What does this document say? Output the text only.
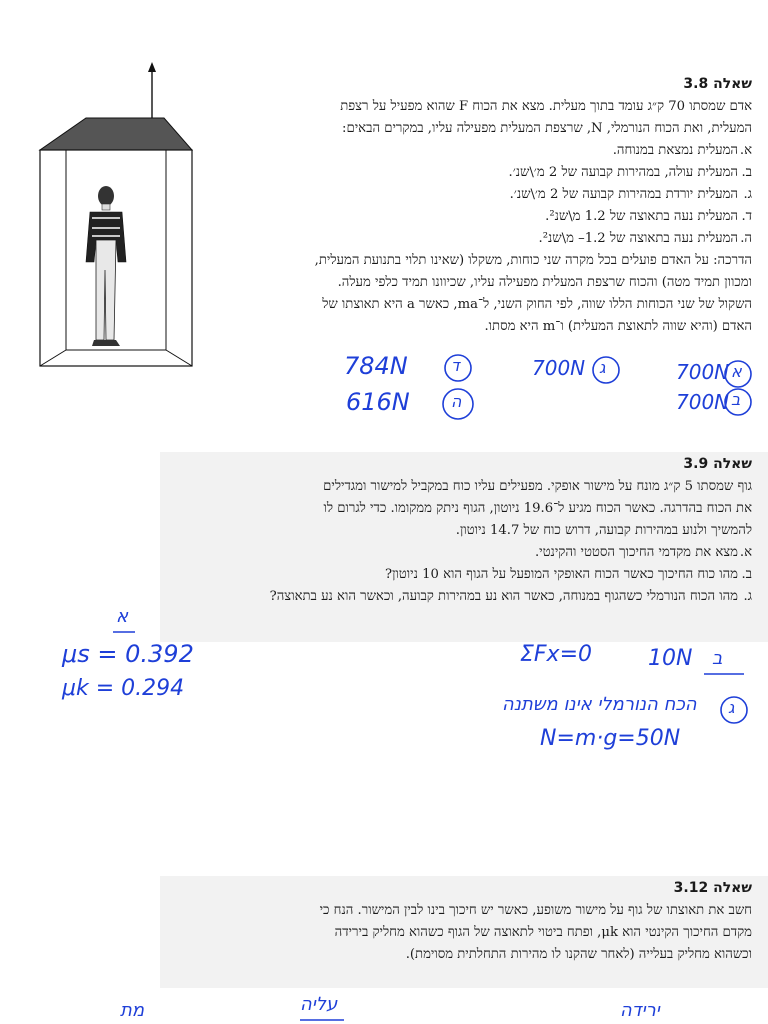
שאלה 3.8

אדם שמסתו 70 ק״ג עומד בתוך מעלית. מצא את הכוח F שהוא מפעיל על רצפת

המעלית, ואת הכוח הנורמלי, N, שרצפת המעלית מפעילה עליו, במקרים הבאים:

א.
המעלית נמצאת במנוחה.
ב.
המעלית עולה, במהירות קבועה של 2 מ׳\שנ׳.
ג.
המעלית יורדת במהירות קבועה של 2 מ׳\שנ׳.
ד.
המעלית נעה בתאוצה של 1.2 מ\שנ².
ה.
המעלית נעה בתאוצה של 1.2– מ\שנ².

הדרכה: על האדם פועלים בכל מקרה שני כוחות, משקלו (שאינו תלוי בתנועת המעלית,

ומכוון תמיד מטה) והכוח שרצפת המעלית מפעילה עליו, שכיוונו תמיד כלפי מעלה.

השקול של שני הכוחות הללו שווה, לפי החוק השני, ל־ma, כאשר a היא תאוצתו של

האדם (והיא שווה לתאוצת המעלית) ו־m היא מסתו.

700N א
700N ב
700N ג
784N	ד
616N	ה
שאלה 3.9

גוף שמסתו 5 ק״ג מונח על מישור אופקי. מפעילים עליו כוח במקביל למישור ומגדילים

את הכוח בהדרגה. כאשר הכוח מגיע ל־19.6 ניוטון, הגוף ניתק ממקומו. כדי לגרום לו

להמשיך ולנוע במהירות קבועה, דרוש כוח של 14.7 ניוטון.

א.
מצא את מקדמי החיכוך הסטטי והקינטי.
ב.
מהו כוח החיכוך כאשר הכוח האופקי המופעל על הגוף הוא 10 ניוטון?
ג.
מהו הכוח הנורמלי כשהגוף במנוחה, כאשר הוא נע במהירות קבועה, וכאשר הוא נע בתאוצה?
א
μs = 0.392
μk = 0.294
ΣFx=0	10N ב
הכח הנורמלי אינו משתנה ג
N=m·g=50N
שאלה 3.12

חשב את תאוצתו של גוף על מישור משופע, כאשר יש חיכוך בינו לבין המישור. הנח כי

מקדם החיכוך הקינטי הוא μk, ופתח ביטוי לתאוצה של הגוף כשהוא מחליק בירידה

וכשהוא מחליק בעלייה (לאחר שהקנו לו מהירות התחלתית מסוימת).

מת	עליה	ירידה
